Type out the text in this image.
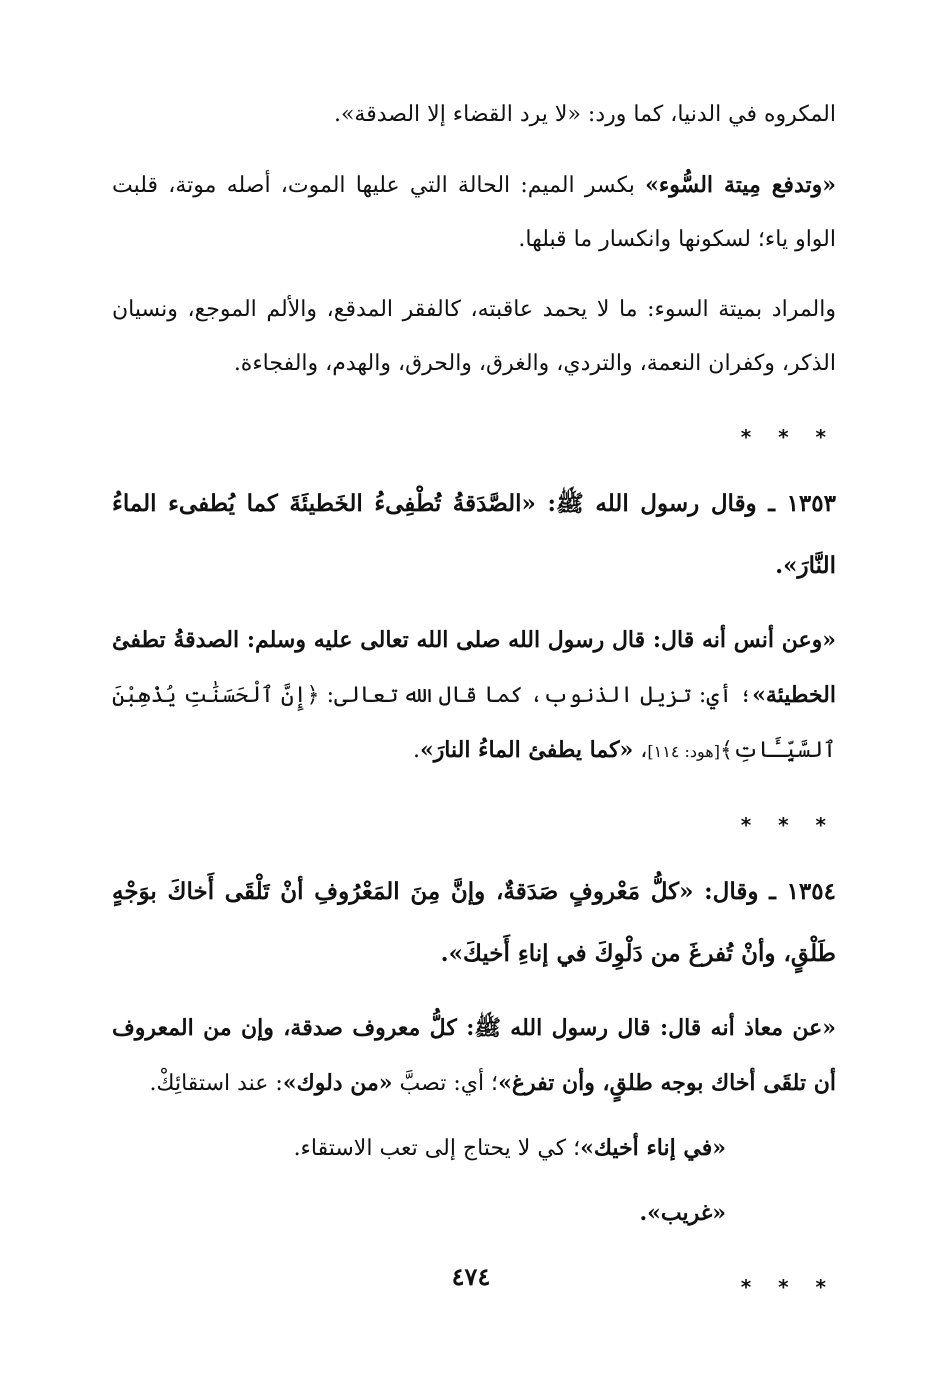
المكروه في الدنيا، كما ورد: «لا يرد القضاء إلا الصدقة».

«وتدفع مِيتة السُّوء» بكسر الميم: الحالة التي عليها الموت، أصله موتة، قلبت الواو ياء؛ لسكونها وانكسار ما قبلها.

والمراد بميتة السوء: ما لا يحمد عاقبته، كالفقر المدقع، والألم الموجع، ونسيان الذكر، وكفران النعمة، والتردي، والغرق، والحرق، والهدم، والفجاءة.

* * *

١٣٥٣ ـ وقال رسول الله ﷺ: «الصَّدَقةُ تُطْفِىءُ الخَطيئَةَ كما يُطفىء الماءُ النَّارَ».

«وعن أنس أنه قال: قال رسول الله صلى الله تعالى عليه وسلم: الصدقةُ تطفئ الخطيئة»؛ أي: تزيل الذنوب، كما قال الله تعالى: ﴿إِنَّ ٱلْحَسَنَٰتِ يُذْهِبْنَ ٱلسَّيِّـَٔاتِ﴾[هود: ١١٤]، «كما يطفئ الماءُ النارَ».

* * *

١٣٥٤ ـ وقال: «كلُّ مَعْروفٍ صَدَقةٌ، وإنَّ مِنَ المَعْرُوفِ أنْ تَلْقَى أَخاكَ بوَجْهٍ طَلْقٍ، وأنْ تُفرغَ من دَلْوِكَ في إناءِ أَخيكَ».

«عن معاذ أنه قال: قال رسول الله ﷺ: كلُّ معروف صدقة، وإن من المعروف أن تلقَى أخاك بوجه طلقٍ، وأن تفرغ»؛ أي: تصبَّ «من دلوك»: عند استقائِكْ.

«في إناء أخيك»؛ كي لا يحتاج إلى تعب الاستقاء.

«غريب».

* * *
٤٧٤
